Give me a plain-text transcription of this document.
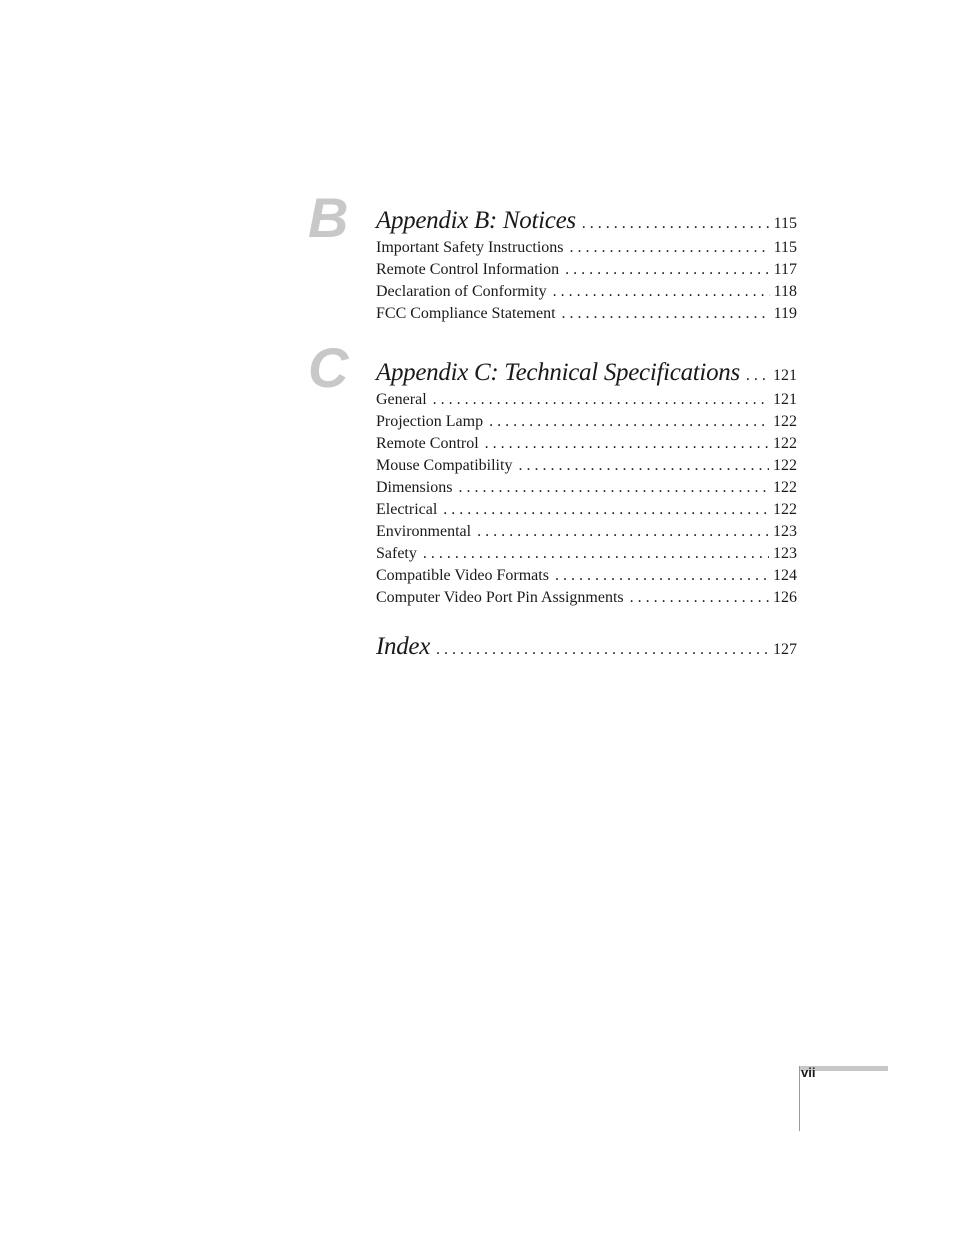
B Appendix B: Notices . . .	115
Important Safety Instructions . . .	115
Remote Control Information . . .	117
Declaration of Conformity . . .	118
FCC Compliance Statement . . .	119
C Appendix C: Technical Specifications . . . 121
General . . .	121
Projection Lamp . . .	122
Remote Control . . .	122
Mouse Compatibility . . .	122
Dimensions . . .	122
Electrical . . .	122
Environmental . . .	123
Safety . . .	123
Compatible Video Formats . . .	124
Computer Video Port Pin Assignments . . .	126
Index . . .	127
vii
